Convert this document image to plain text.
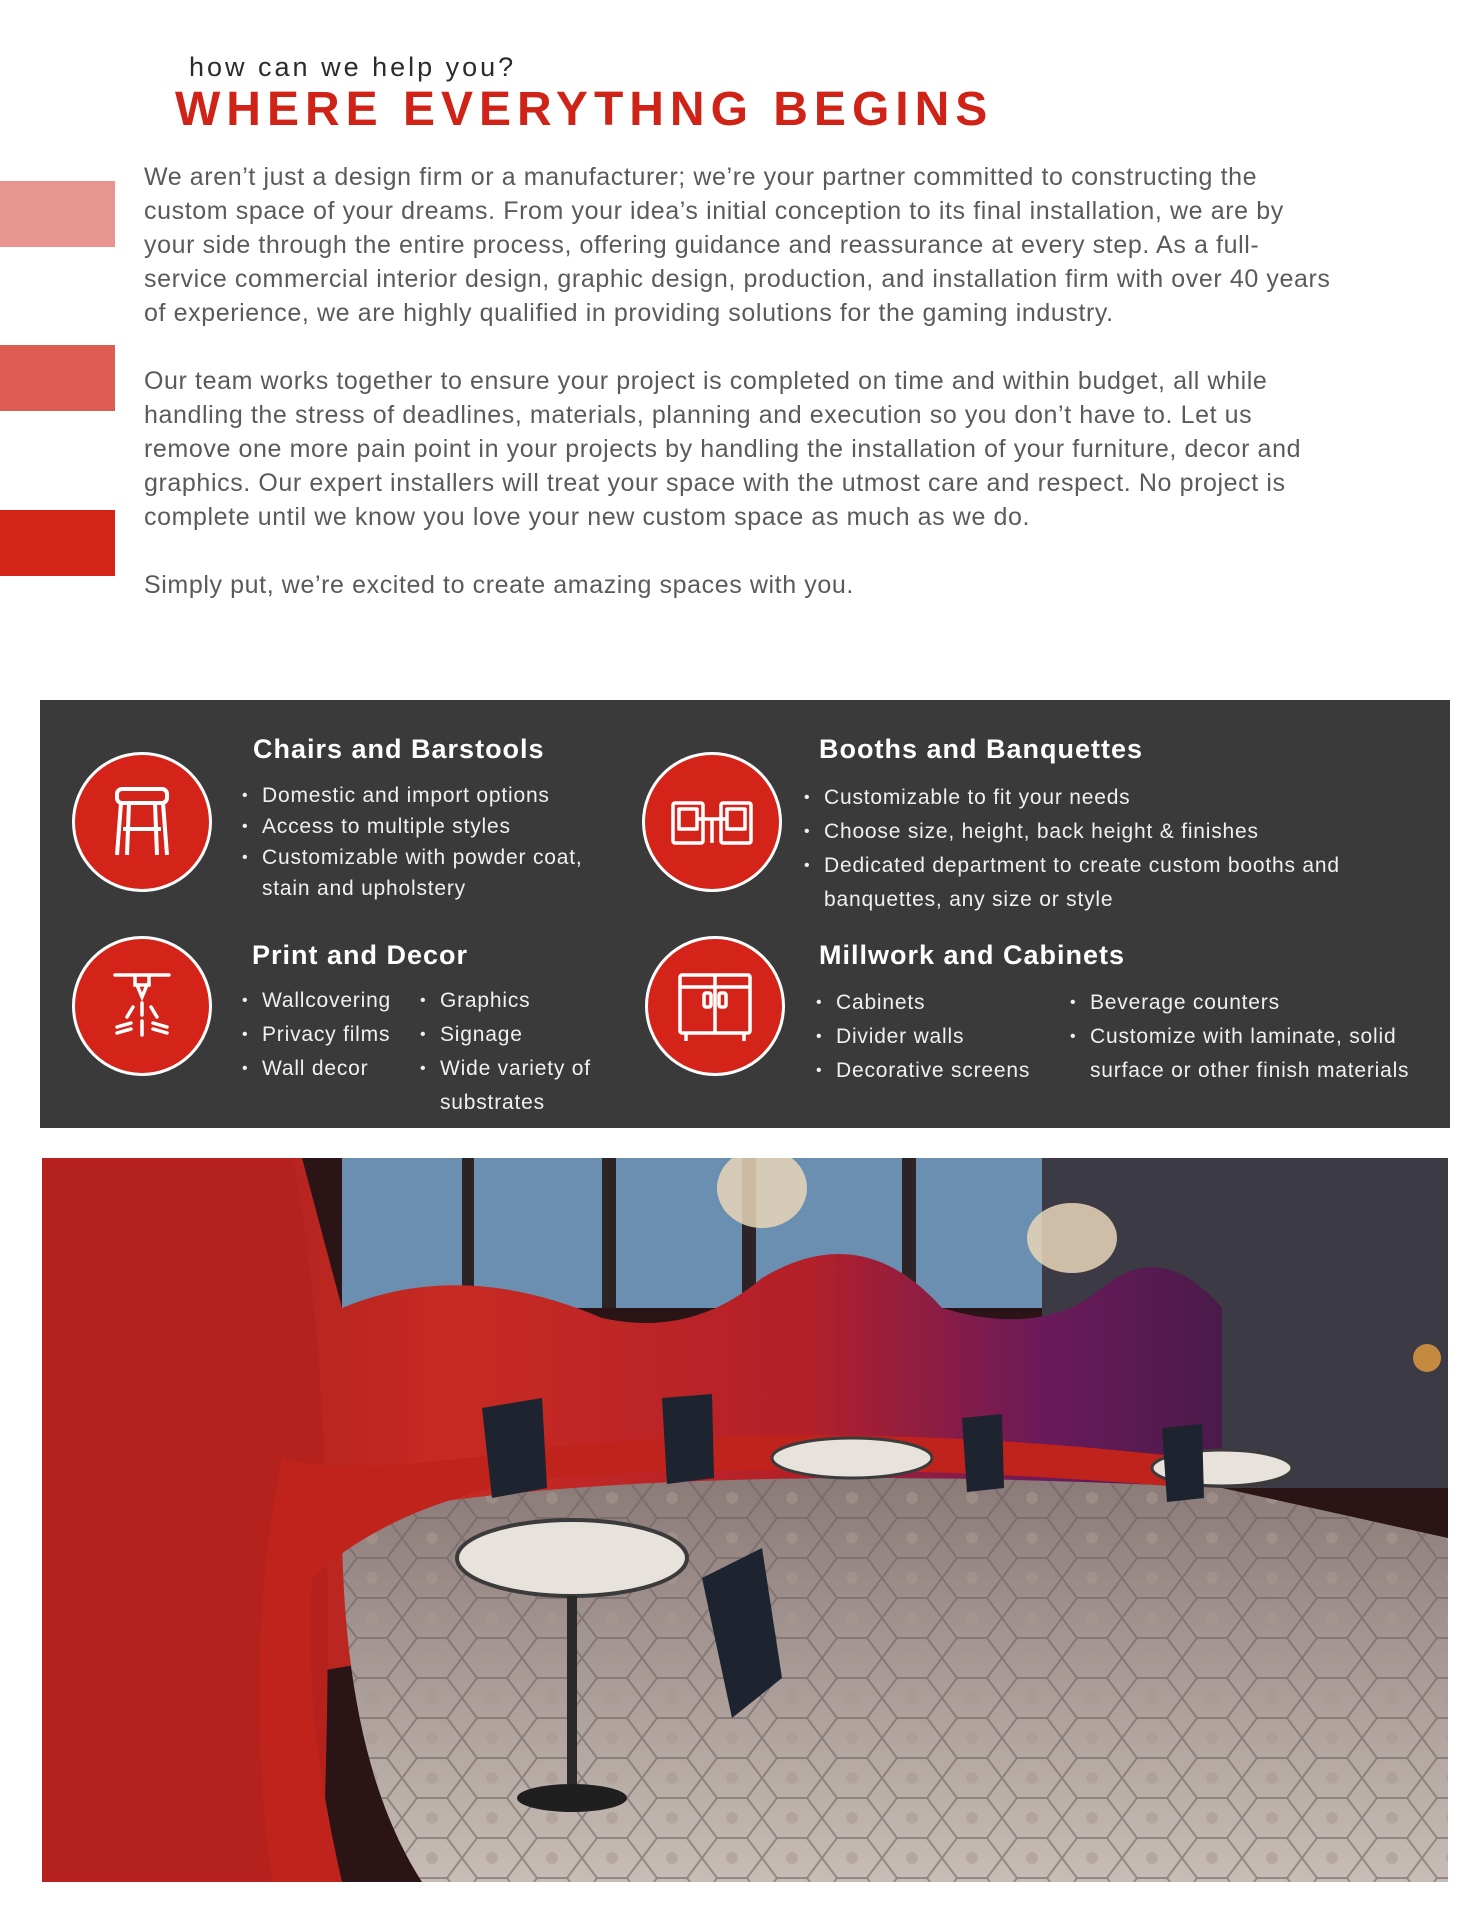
how can we help you?
WHERE EVERYTHNG BEGINS

We aren’t just a design firm or a manufacturer; we’re your partner committed to constructing the custom space of your dreams. From your idea’s initial conception to its final installation, we are by your side through the entire process, offering guidance and reassurance at every step. As a full-service commercial interior design, graphic design, production, and installation firm with over 40 years of experience, we are highly qualified in providing solutions for the gaming industry.

Our team works together to ensure your project is completed on time and within budget, all while handling the stress of deadlines, materials, planning and execution so you don’t have to. Let us remove one more pain point in your projects by handling the installation of your furniture, decor and graphics. Our expert installers will treat your space with the utmost care and respect. No project is complete until we know you love your new custom space as much as we do.

Simply put, we’re excited to create amazing spaces with you.

Chairs and Barstools
• Domestic and import options
• Access to multiple styles
• Customizable with powder coat, stain and upholstery
Booths and Banquettes
• Customizable to fit your needs
• Choose size, height, back height & finishes
• Dedicated department to create custom booths and banquettes, any size or style
Print and Decor
• Wallcovering
• Privacy films
• Wall decor
• Graphics
• Signage
• Wide variety of substrates
Millwork and Cabinets
• Cabinets
• Divider walls
• Decorative screens
• Beverage counters
• Customize with laminate, solid surface or other finish materials
